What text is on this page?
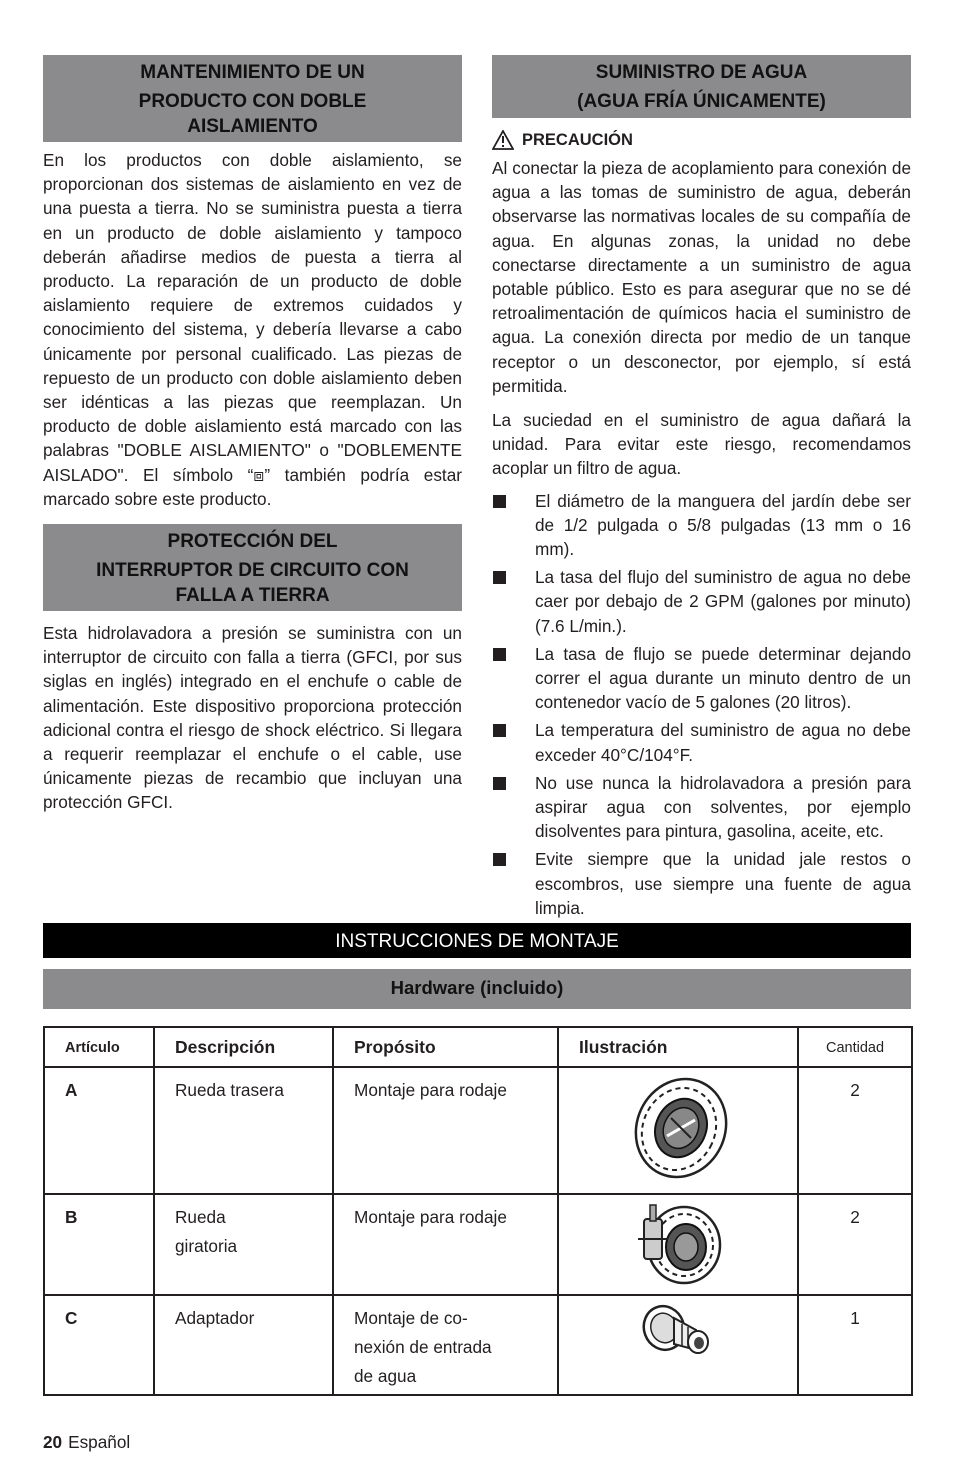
MANTENIMIENTO DE UN
PRODUCTO CON DOBLE
AISLAMIENTO

En los productos con doble aislamiento, se proporcionan dos sistemas de aislamiento en vez de una puesta a tierra. No se suministra puesta a tierra en un producto de doble aislamiento y tampoco deberán añadirse medios de puesta a tierra al producto. La reparación de un producto de doble aislamiento requiere de extremos cuidados y conocimiento del sistema, y debería llevarse a cabo únicamente por personal cualificado. Las piezas de repuesto de un producto con doble aislamiento deben ser idénticas a las piezas que reemplazan. Un producto de doble aislamiento está marcado con las palabras "DOBLE AISLAMIENTO" o "DOBLEMENTE AISLADO". El símbolo “⧈” también podría estar marcado sobre este producto.

PROTECCIÓN DEL
INTERRUPTOR DE CIRCUITO CON
FALLA A TIERRA

Esta hidrolavadora a presión se suministra con un interruptor de circuito con falla a tierra (GFCI, por sus siglas en inglés) integrado en el enchufe o cable de alimentación. Este dispositivo proporciona protección adicional contra el riesgo de shock eléctrico. Si llegara a requerir reemplazar el enchufe o el cable, use únicamente piezas de recambio que incluyan una protección GFCI.

SUMINISTRO DE AGUA
(AGUA FRÍA ÚNICAMENTE)
PRECAUCIÓN

Al conectar la pieza de acoplamiento para conexión de agua a las tomas de suministro de agua, deberán observarse las normativas locales de su compañía de agua. En algunas zonas, la unidad no debe conectarse directamente a un suministro de agua potable público. Esto es para asegurar que no se dé retroalimentación de químicos hacia el suministro de agua. La conexión directa por medio de un tanque receptor o un desconector, por ejemplo, sí está permitida.

La suciedad en el suministro de agua dañará la unidad. Para evitar este riesgo, recomendamos acoplar un filtro de agua.

El diámetro de la manguera del jardín debe ser de 1/2 pulgada o 5/8 pulgadas (13 mm o 16 mm).
La tasa del flujo del suministro de agua no debe caer por debajo de 2 GPM (galones por minuto) (7.6 L/min.).
La tasa de flujo se puede determinar dejando correr el agua durante un minuto dentro de un contenedor vacío de 5 galones (20 litros).
La temperatura del suministro de agua no debe exceder 40°C/104°F.
No use nunca la hidrolavadora a presión para aspirar agua con solventes, por ejemplo disolventes para pintura, gasolina, aceite, etc.
Evite siempre que la unidad jale restos o escombros, use siempre una fuente de agua limpia.
INSTRUCCIONES DE MONTAJE
Hardware (incluido)
Artículo	Descripción	Propósito	Ilustración	Cantidad
A	Rueda trasera	Montaje para rodaje		2
B	Rueda
giratoria	Montaje para rodaje		2
C	Adaptador	Montaje de co-
nexión de entrada
de agua		1
20 Español
